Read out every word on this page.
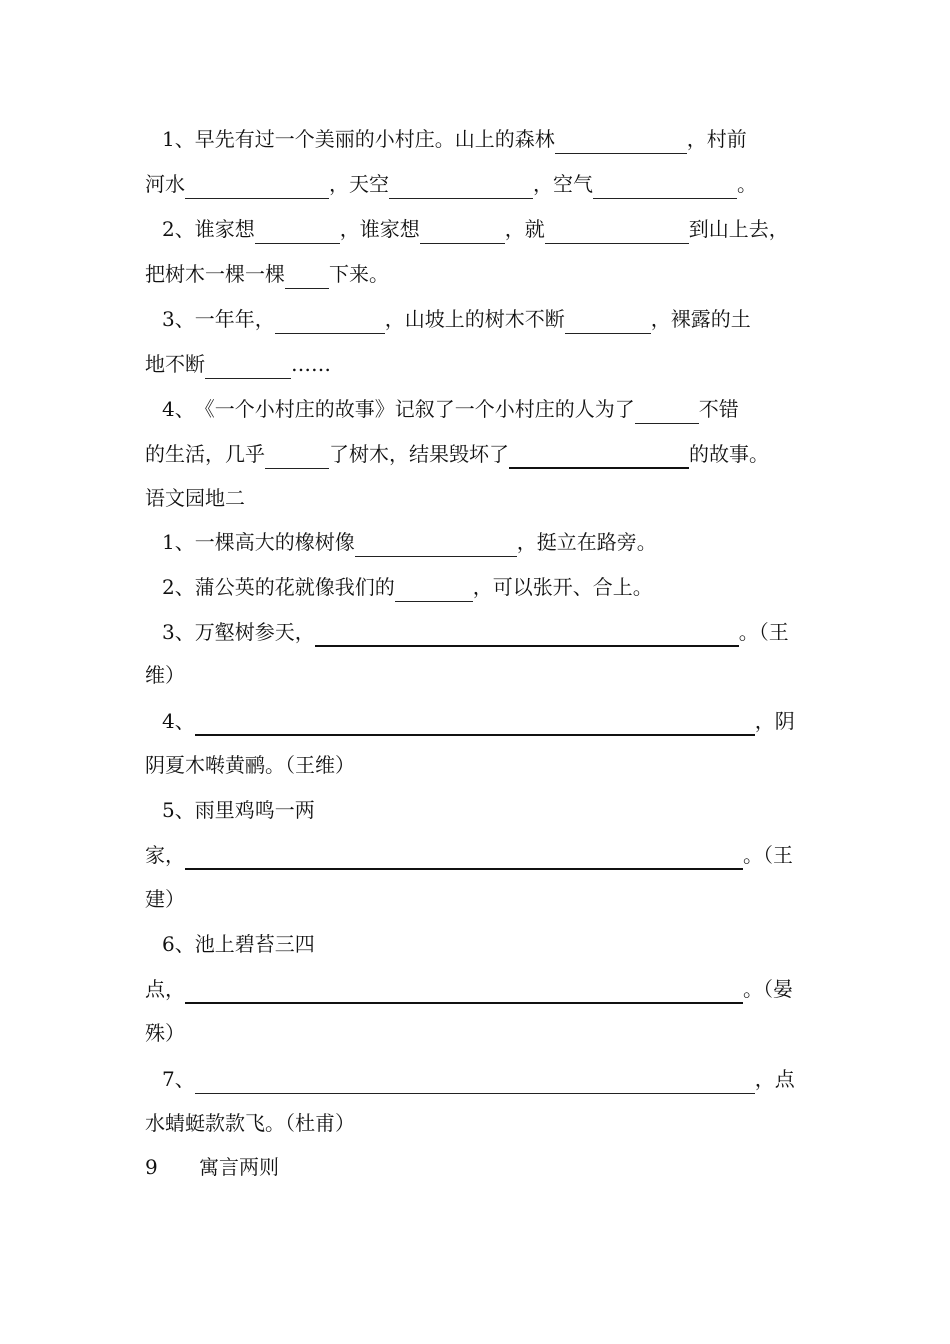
1、早先有过一个美丽的小村庄。山上的森林	，村前
河水	，天空	，空气	。
2、谁家想	，谁家想	，就	到山上去，
把树木一棵一棵 下来。
3、一年年，	，山坡上的树木不断	，裸露的土
地不断	……
4、《一个小村庄的故事》记叙了一个小村庄的人为了	不错
的生活，几乎	了树木，结果毁坏了	的故事。
语文园地二
1、一棵高大的橡树像	，挺立在路旁。
2、蒲公英的花就像我们的	，可以张开、合上。
3、万壑树参天，	。（王
维）
4、	，阴
阴夏木啭黄鹂。（王维）
5、雨里鸡鸣一两
家，	。（王
建）
6、池上碧苔三四
点，	。（晏
殊）
7、	，点
水蜻蜓款款飞。（杜甫）
9 寓言两则
